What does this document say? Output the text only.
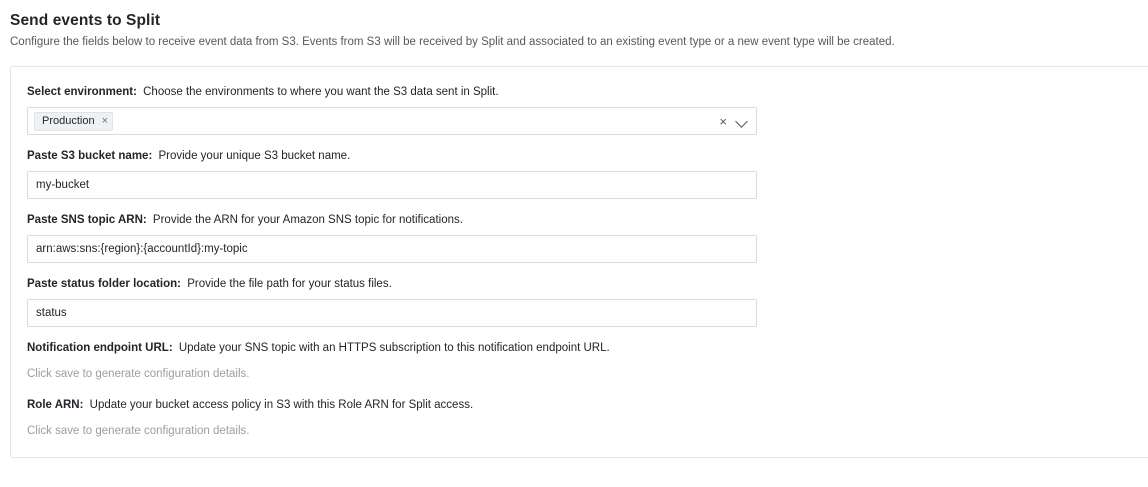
Send events to Split

Configure the fields below to receive event data from S3. Events from S3 will be received by Split and associated to an existing event type or a new event type will be created.

Select environment: Choose the environments to where you want the S3 data sent in Split.
Production ×	×
Paste S3 bucket name: Provide your unique S3 bucket name.
my-bucket
Paste SNS topic ARN: Provide the ARN for your Amazon SNS topic for notifications.
arn:aws:sns:{region}:{accountId}:my-topic
Paste status folder location: Provide the file path for your status files.
status
Notification endpoint URL: Update your SNS topic with an HTTPS subscription to this notification endpoint URL.

Click save to generate configuration details.

Role ARN: Update your bucket access policy in S3 with this Role ARN for Split access.

Click save to generate configuration details.
